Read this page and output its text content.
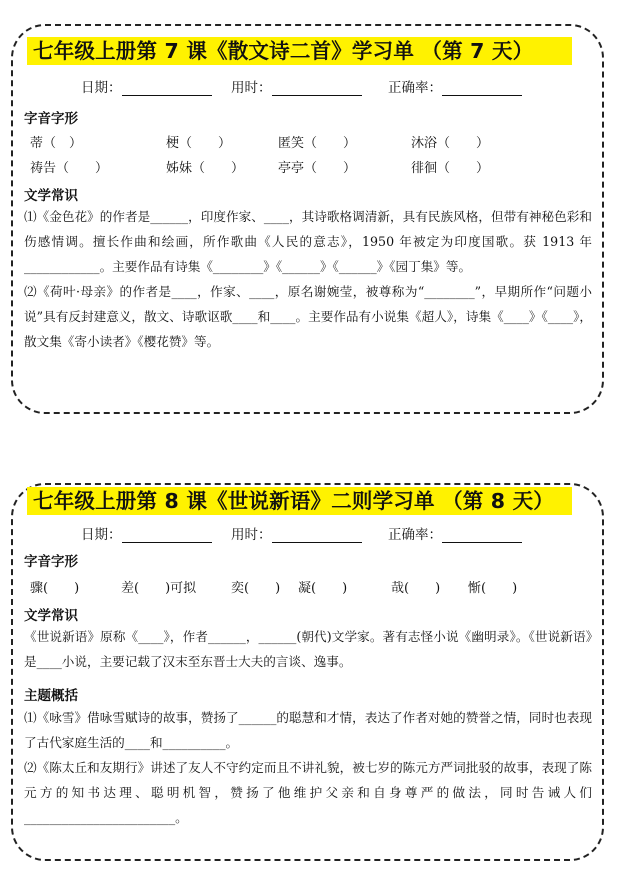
七年级上册第 7 课《散文诗二首》学习单 （第 7 天）
日期：	用时：	正确率：
字音字形
蒂（　）	梗（　　）	匿笑（　　）	沐浴（　　）
祷告（　　）	姊妹（　　）	亭亭（　　）	徘徊（　　）
文学常识

⑴《金色花》的作者是______，印度作家、____，其诗歌格调清新，具有民族风格，但带有神秘色彩和伤感情调。擅长作曲和绘画，所作歌曲《人民的意志》，1950 年被定为印度国歌。获 1913 年____________。主要作品有诗集《________》《______》《______》《园丁集》等。

⑵《荷叶·母亲》的作者是____，作家、____，原名谢婉莹，被尊称为“________”，早期所作“问题小说”具有反封建意义，散文、诗歌讴歌____和____。主要作品有小说集《超人》，诗集《____》《____》，散文集《寄小读者》《樱花赞》等。

七年级上册第 8 课《世说新语》二则学习单 （第 8 天）
日期：	用时：	正确率：
字音字形
骤(　　)	差(　　)可拟	奕(　　) 凝(　　)	哉(　　) 惭(　　)
文学常识

《世说新语》原称《____》，作者______，______(朝代)文学家。著有志怪小说《幽明录》。《世说新语》是____小说，主要记载了汉末至东晋士大夫的言谈、逸事。

主题概括

⑴《咏雪》借咏雪赋诗的故事，赞扬了______的聪慧和才情，表达了作者对她的赞誉之情，同时也表现了古代家庭生活的____和__________。

⑵《陈太丘和友期行》讲述了友人不守约定而且不讲礼貌，被七岁的陈元方严词批驳的故事，表现了陈元方的知书达理、聪明机智，赞扬了他维护父亲和自身尊严的做法，同时告诫人们________________________。
